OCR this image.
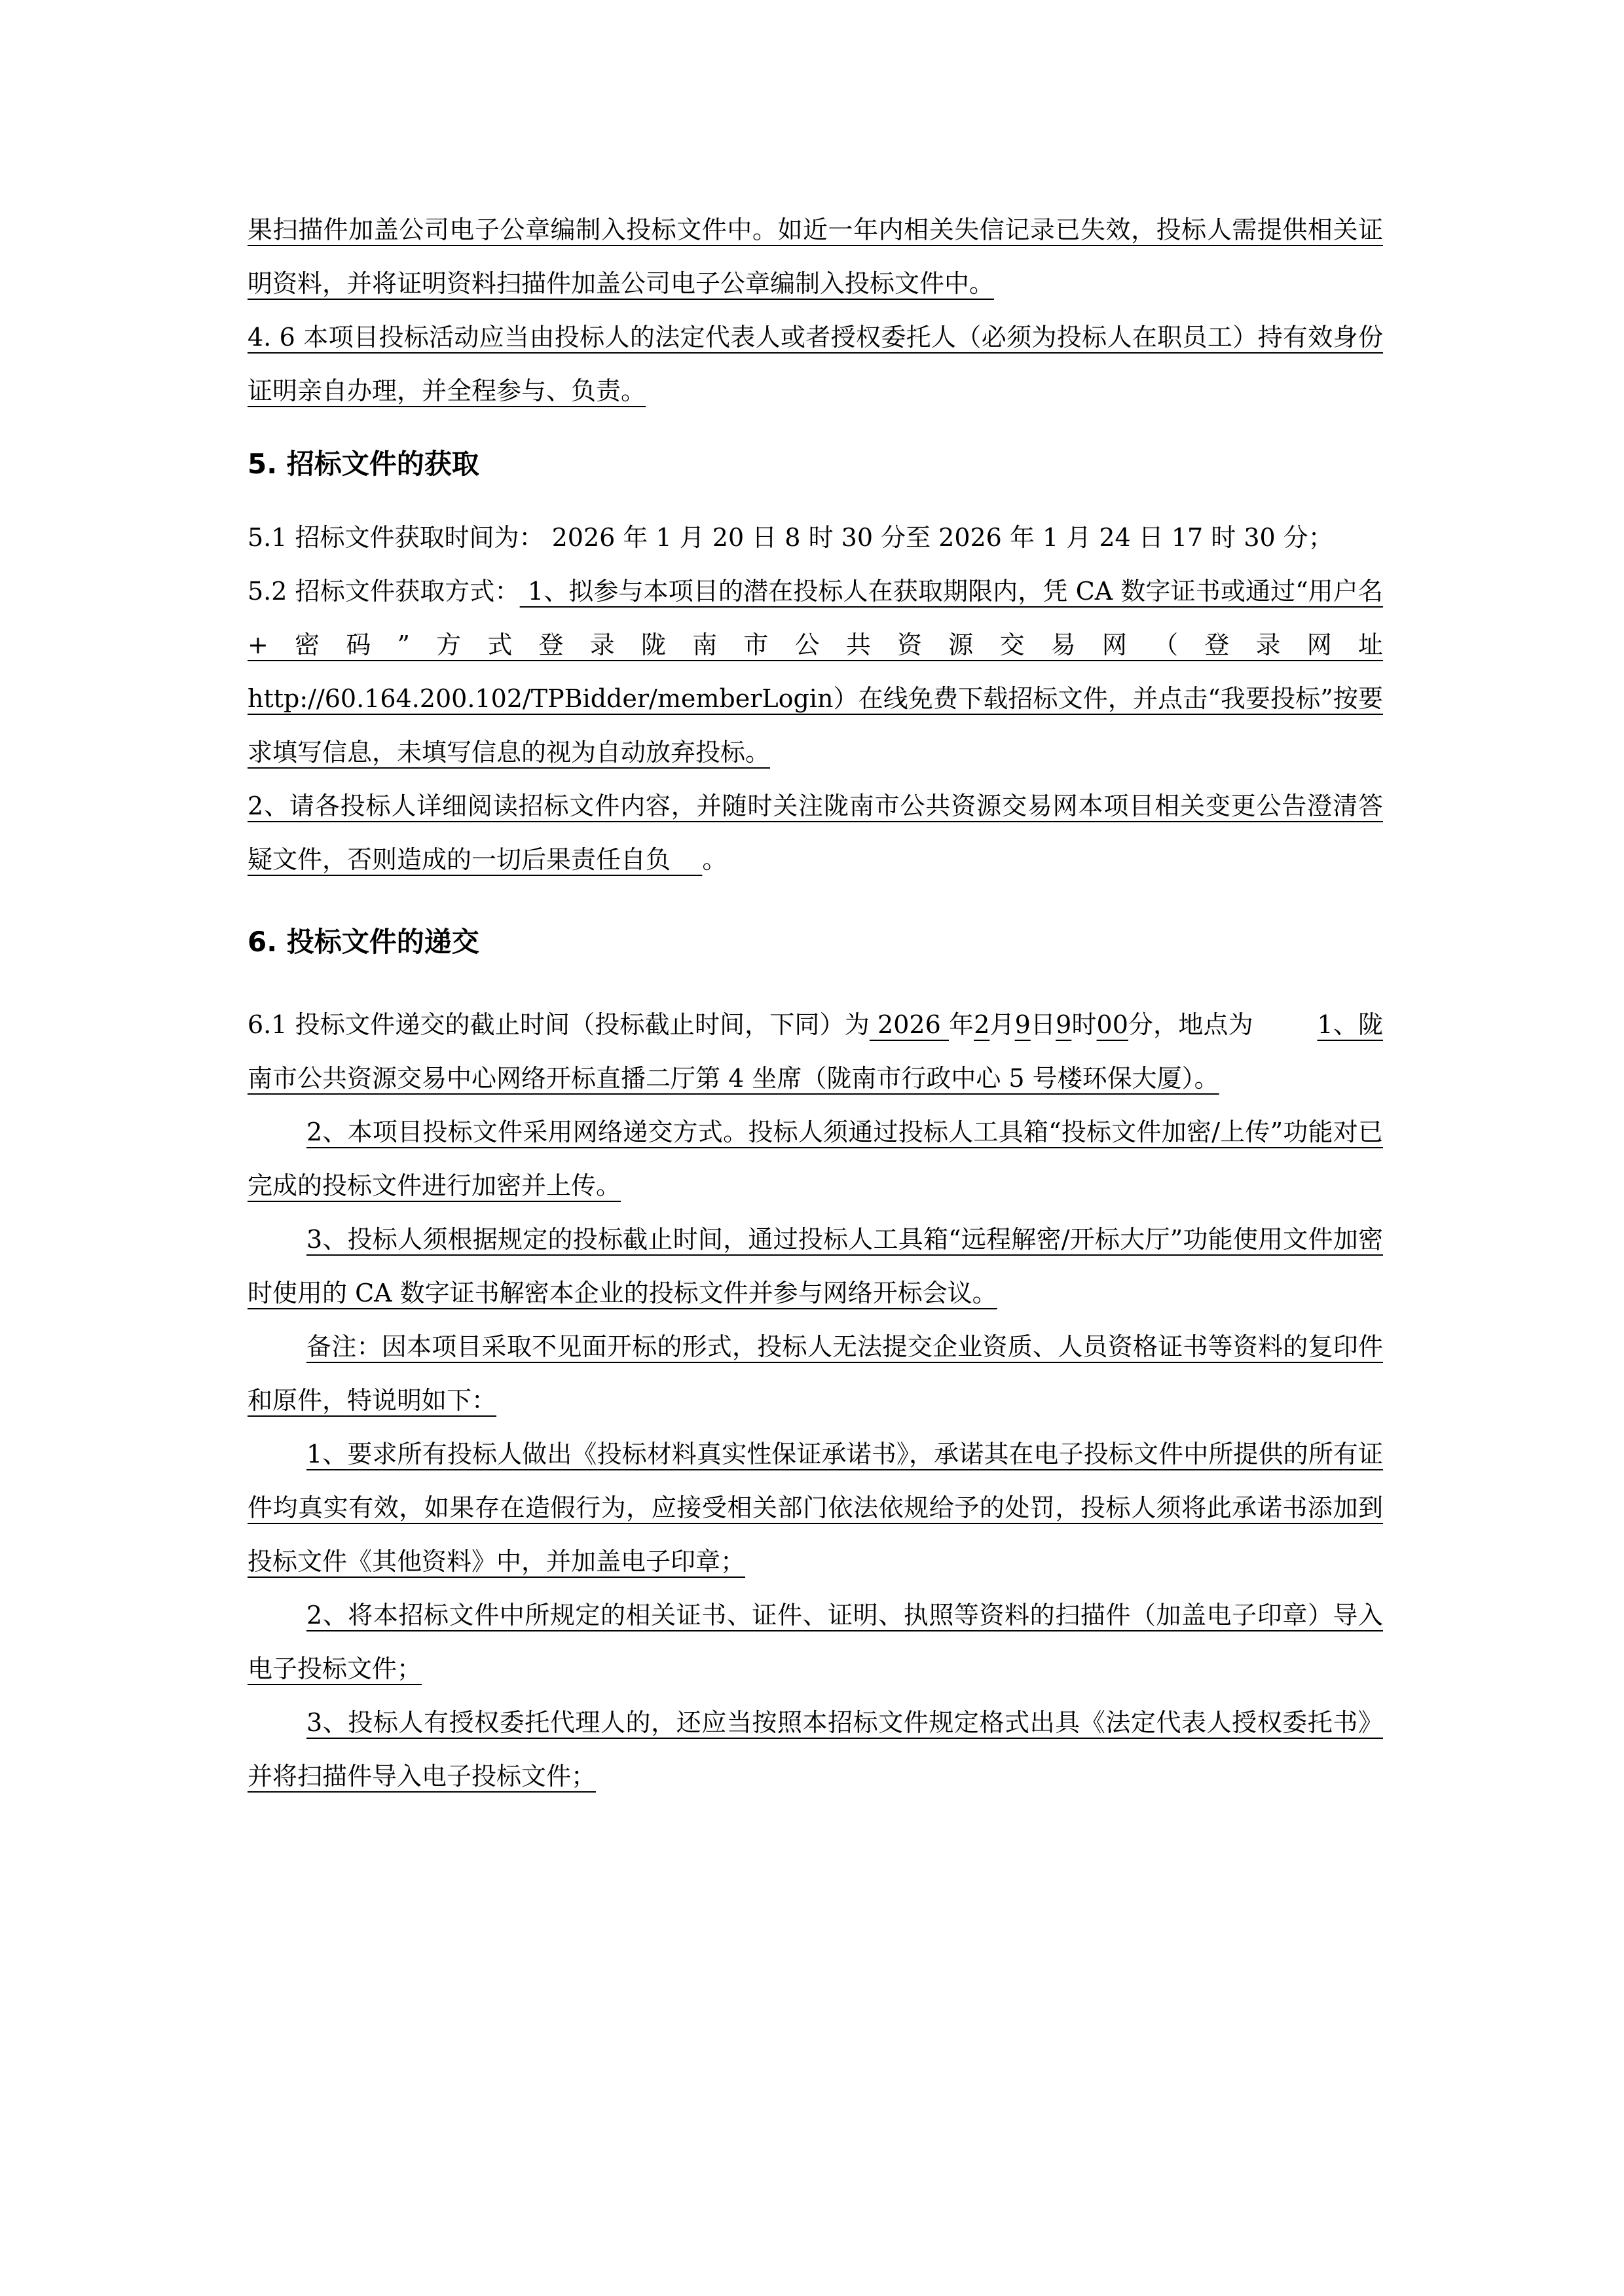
果扫描件加盖公司电子公章编制入投标文件中。如近一年内相关失信记录已失效，投标人需提供相关证明资料，并将证明资料扫描件加盖公司电子公章编制入投标文件中。

4. 6 本项目投标活动应当由投标人的法定代表人或者授权委托人（必须为投标人在职员工）持有效身份证明亲自办理，并全程参与、负责。

5. 招标文件的获取

5.1 招标文件获取时间为： 2026 年 1 月 20 日 8 时 30 分至 2026 年 1 月 24 日 17 时 30 分；

5.2 招标文件获取方式： 1、拟参与本项目的潜在投标人在获取期限内，凭 CA 数字证书或通过“用户名+密码”方式登录陇南市公共资源交易网（登录网址http://60.164.200.102/TPBidder/memberLogin）在线免费下载招标文件，并点击“我要投标”按要求填写信息，未填写信息的视为自动放弃投标。

2、请各投标人详细阅读招标文件内容，并随时关注陇南市公共资源交易网本项目相关变更公告澄清答疑文件，否则造成的一切后果责任自负 。

6. 投标文件的递交

6.1 投标文件递交的截止时间（投标截止时间，下同）为 2026 年2月9日9时00分，地点为	1、陇南市公共资源交易中心网络开标直播二厅第 4 坐席（陇南市行政中心 5 号楼环保大厦）。

2、本项目投标文件采用网络递交方式。投标人须通过投标人工具箱“投标文件加密/上传”功能对已完成的投标文件进行加密并上传。

3、投标人须根据规定的投标截止时间，通过投标人工具箱“远程解密/开标大厅”功能使用文件加密时使用的 CA 数字证书解密本企业的投标文件并参与网络开标会议。

备注：因本项目采取不见面开标的形式，投标人无法提交企业资质、人员资格证书等资料的复印件和原件，特说明如下：

1、要求所有投标人做出《投标材料真实性保证承诺书》，承诺其在电子投标文件中所提供的所有证件均真实有效，如果存在造假行为，应接受相关部门依法依规给予的处罚，投标人须将此承诺书添加到投标文件《其他资料》中，并加盖电子印章；

2、将本招标文件中所规定的相关证书、证件、证明、执照等资料的扫描件（加盖电子印章）导入电子投标文件；

3、投标人有授权委托代理人的，还应当按照本招标文件规定格式出具《法定代表人授权委托书》并将扫描件导入电子投标文件；
